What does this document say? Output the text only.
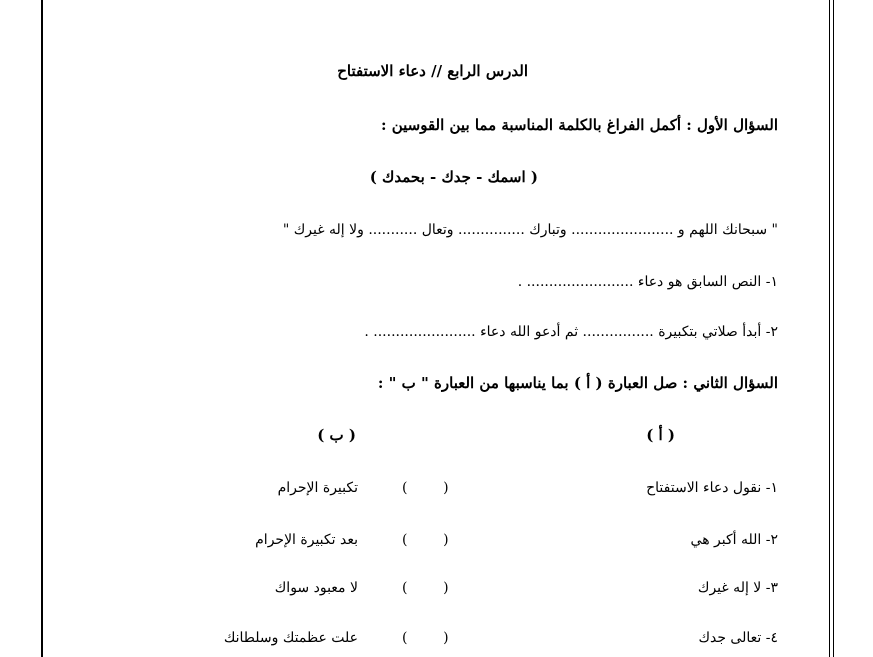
الدرس الرابع // دعاء الاستفتاح
السؤال الأول : أكمل الفراغ بالكلمة المناسبة مما بين القوسين :
( اسمك - جدك - بحمدك )
" سبحانك اللهم و ....................... وتبارك ............... وتعال ........... ولا إله غيرك "
١- النص السابق هو دعاء ........................ .
٢- أبدأ صلاتي بتكبيرة ................ ثم أدعو الله دعاء ....................... .
السؤال الثاني : صل العبارة ( أ ) بما يناسبها من العبارة " ب " :
( أ )
( ب )
١- نقول دعاء الاستفتاح
٢- الله أكبر هي
٣- لا إله غيرك
٤- تعالى جدك
(        )
(        )
(        )
(        )
تكبيرة الإحرام
بعد تكبيرة الإحرام
لا معبود سواك
علت عظمتك وسلطانك
